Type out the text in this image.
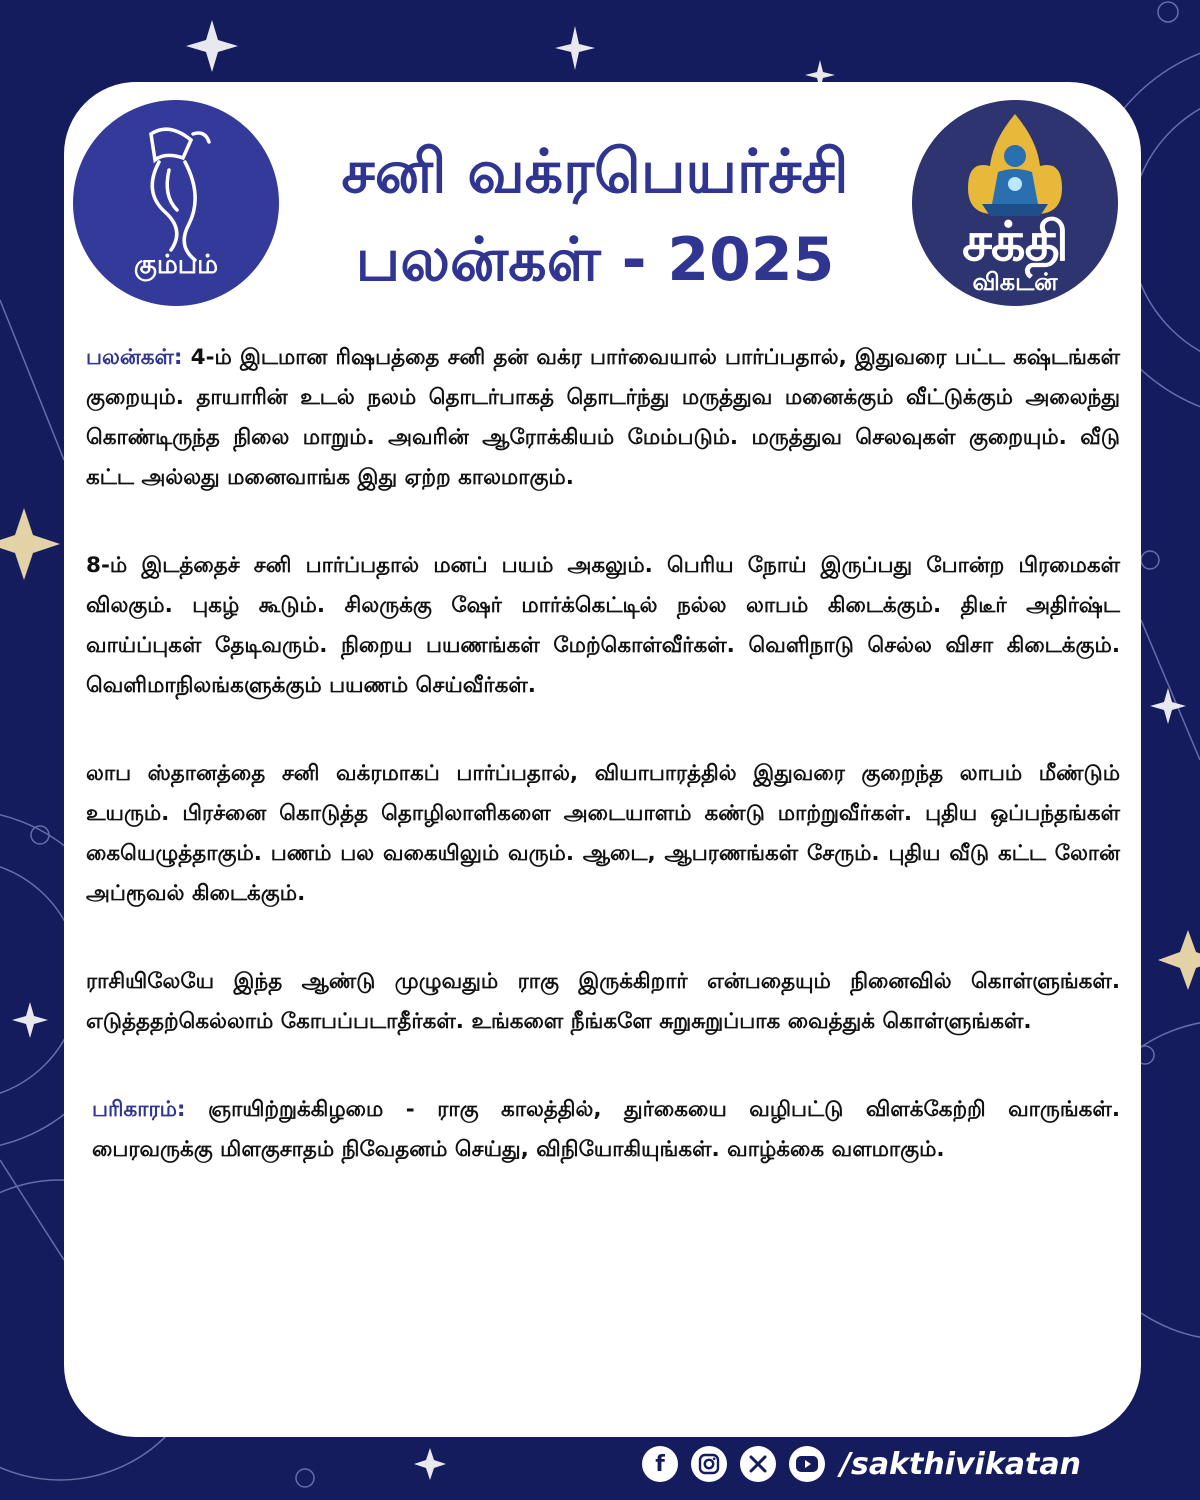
கும்பம்
சனி வக்ரபெயர்ச்சி
பலன்கள் - 2025	சக்தி
விகடன்

பலன்கள்: 4-ம் இடமான ரிஷபத்தை சனி தன் வக்ர பார்வையால் பார்ப்பதால், இதுவரை பட்ட கஷ்டங்கள் குறையும். தாயாரின் உடல் நலம் தொடர்பாகத் தொடர்ந்து மருத்துவ மனைக்கும் வீட்டுக்கும் அலைந்து கொண்டிருந்த நிலை மாறும். அவரின் ஆரோக்கியம் மேம்படும். மருத்துவ செலவுகள் குறையும். வீடு கட்ட அல்லது மனைவாங்க இது ஏற்ற காலமாகும்.

8-ம் இடத்தைச் சனி பார்ப்பதால் மனப் பயம் அகலும். பெரிய நோய் இருப்பது போன்ற பிரமைகள் விலகும். புகழ் கூடும். சிலருக்கு ஷேர் மார்க்கெட்டில் நல்ல லாபம் கிடைக்கும். திடீர் அதிர்ஷ்ட வாய்ப்புகள் தேடிவரும். நிறைய பயணங்கள் மேற்கொள்வீர்கள். வெளிநாடு செல்ல விசா கிடைக்கும். வெளிமாநிலங்களுக்கும் பயணம் செய்வீர்கள்.

லாப ஸ்தானத்தை சனி வக்ரமாகப் பார்ப்பதால், வியாபாரத்தில் இதுவரை குறைந்த லாபம் மீண்டும் உயரும். பிரச்னை கொடுத்த தொழிலாளிகளை அடையாளம் கண்டு மாற்றுவீர்கள். புதிய ஒப்பந்தங்கள் கையெழுத்தாகும். பணம் பல வகையிலும் வரும். ஆடை, ஆபரணங்கள் சேரும். புதிய வீடு கட்ட லோன் அப்ரூவல் கிடைக்கும்.

ராசியிலேயே இந்த ஆண்டு முழுவதும் ராகு இருக்கிறார் என்பதையும் நினைவில் கொள்ளுங்கள். எடுத்ததற்கெல்லாம் கோபப்படாதீர்கள். உங்களை நீங்களே சுறுசுறுப்பாக வைத்துக் கொள்ளுங்கள்.

பரிகாரம்: ஞாயிற்றுக்கிழமை - ராகு காலத்தில், துர்கையை வழிபட்டு விளக்கேற்றி வாருங்கள். பைரவருக்கு மிளகுசாதம் நிவேதனம் செய்து, விநியோகியுங்கள். வாழ்க்கை வளமாகும்.

f	/sakthivikatan
